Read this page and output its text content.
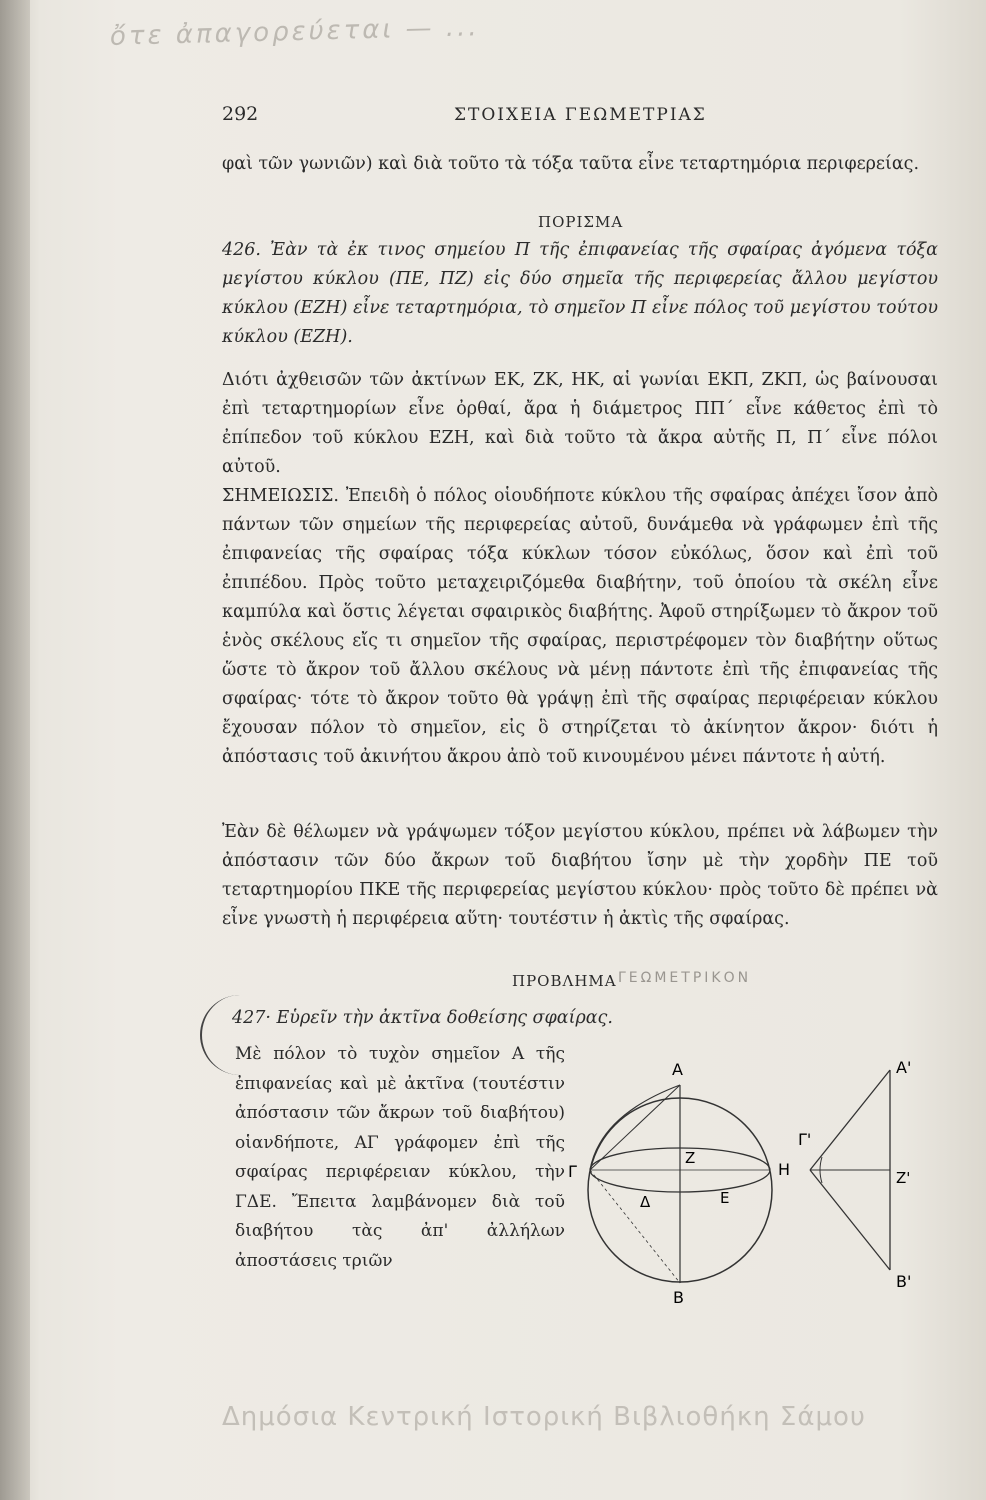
ὄτε ἀπαγορεύεται — ...
292	ΣΤΟΙΧΕΙΑ ΓΕΩΜΕΤΡΙΑΣ

φαὶ τῶν γωνιῶν) καὶ διὰ τοῦτο τὰ τόξα ταῦτα εἶνε τεταρτημόρια περιφερείας.

ΠΟΡΙΣΜΑ

426. Ἐὰν τὰ ἐκ τινος σημείου Π τῆς ἐπιφανείας τῆς σφαίρας ἀγόμενα τόξα μεγίστου κύκλου (ΠΕ, ΠΖ) εἰς δύο σημεῖα τῆς περιφερείας ἄλλου μεγίστου κύκλου (ΕΖΗ) εἶνε τεταρτημόρια, τὸ σημεῖον Π εἶνε πόλος τοῦ μεγίστου τούτου κύκλου (ΕΖΗ).

Διότι ἀχθεισῶν τῶν ἀκτίνων ΕΚ, ΖΚ, ΗΚ, αἱ γωνίαι ΕΚΠ, ΖΚΠ, ὡς βαίνουσαι ἐπὶ τεταρτημορίων εἶνε ὀρθαί, ἄρα ἡ διάμετρος ΠΠ΄ εἶνε κάθετος ἐπὶ τὸ ἐπίπεδον τοῦ κύκλου ΕΖΗ, καὶ διὰ τοῦτο τὰ ἄκρα αὐτῆς Π, Π΄ εἶνε πόλοι αὐτοῦ.

ΣΗΜΕΙΩΣΙΣ. Ἐπειδὴ ὁ πόλος οἱουδήποτε κύκλου τῆς σφαίρας ἀπέχει ἴσον ἀπὸ πάντων τῶν σημείων τῆς περιφερείας αὐτοῦ, δυνάμεθα νὰ γράφωμεν ἐπὶ τῆς ἐπιφανείας τῆς σφαίρας τόξα κύκλων τόσον εὐκόλως, ὅσον καὶ ἐπὶ τοῦ ἐπιπέδου. Πρὸς τοῦτο μεταχειριζόμεθα διαβήτην, τοῦ ὁποίου τὰ σκέλη εἶνε καμπύλα καὶ ὅστις λέγεται σφαιρικὸς διαβήτης. Ἀφοῦ στηρίξωμεν τὸ ἄκρον τοῦ ἑνὸς σκέλους εἴς τι σημεῖον τῆς σφαίρας, περιστρέφομεν τὸν διαβήτην οὕτως ὥστε τὸ ἄκρον τοῦ ἄλλου σκέλους νὰ μένῃ πάντοτε ἐπὶ τῆς ἐπιφανείας τῆς σφαίρας· τότε τὸ ἄκρον τοῦτο θὰ γράψῃ ἐπὶ τῆς σφαίρας περιφέρειαν κύκλου ἔχουσαν πόλον τὸ σημεῖον, εἰς ὃ στηρίζεται τὸ ἀκίνητον ἄκρον· διότι ἡ ἀπόστασις τοῦ ἀκινήτου ἄκρου ἀπὸ τοῦ κινουμένου μένει πάντοτε ἡ αὐτή.

Ἐὰν δὲ θέλωμεν νὰ γράψωμεν τόξον μεγίστου κύκλου, πρέπει νὰ λάβωμεν τὴν ἀπόστασιν τῶν δύο ἄκρων τοῦ διαβήτου ἴσην μὲ τὴν χορδὴν ΠΕ τοῦ τεταρτημορίου ΠΚΕ τῆς περιφερείας μεγίστου κύκλου· πρὸς τοῦτο δὲ πρέπει νὰ εἶνε γνωστὴ ἡ περιφέρεια αὕτη· τουτέστιν ἡ ἀκτὶς τῆς σφαίρας.

ΠΡΟΒΛΗΜΑ ΓΕΩΜΕΤΡΙΚΟΝ

427· Εὑρεῖν τὴν ἀκτῖνα δοθείσης σφαίρας.

Μὲ πόλον τὸ τυχὸν σημεῖον Α τῆς ἐπιφανείας καὶ μὲ ἀκτῖνα (τουτέστιν ἀπόστασιν τῶν ἄκρων τοῦ διαβήτου) οἱανδήποτε, ΑΓ γράφομεν ἐπὶ τῆς σφαίρας περιφέρειαν κύκλου, τὴν ΓΔΕ. Ἔπειτα λαμβάνομεν διὰ τοῦ διαβήτου τὰς ἀπ' ἀλλήλων ἀποστάσεις τριῶν

A
Γ
Z
H
Δ	E
B
A'
Γ'
Z'
B'
Δημόσια Κεντρική Ιστορική Βιβλιοθήκη Σάμου
